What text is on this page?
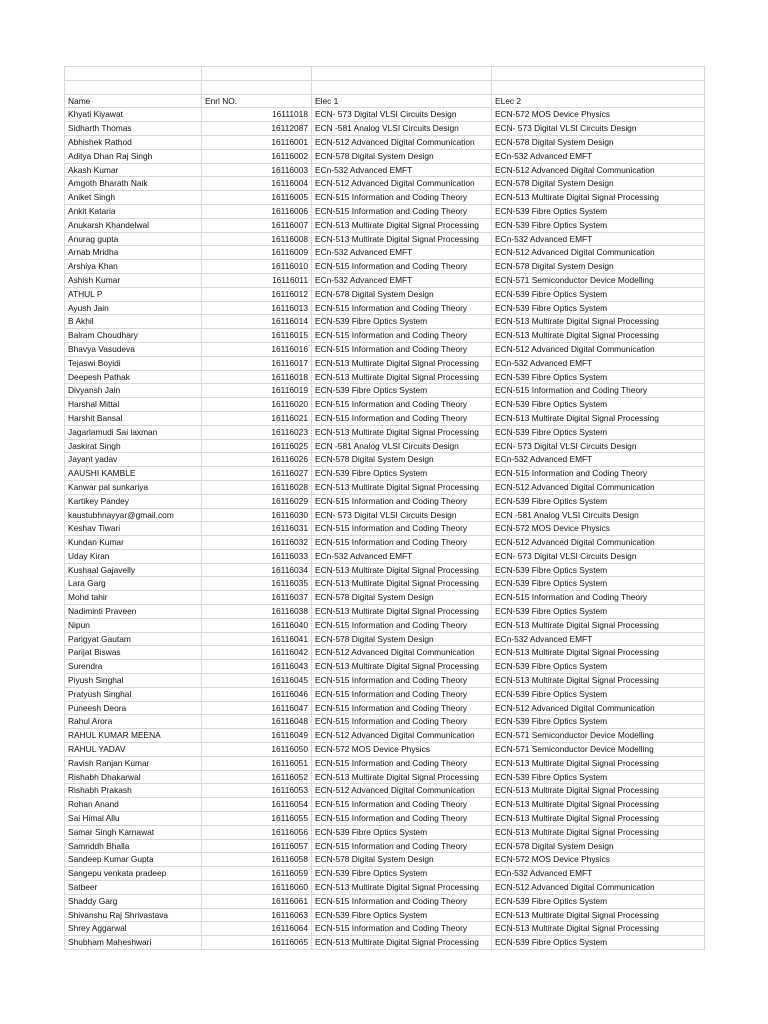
Name	Enrl NO.	Elec 1	ELec 2
Khyati Kiyawat	16111018	ECN- 573 Digital VLSI Circuits Design	ECN-572 MOS Device Physics
Sidharth Thomas	16112087	ECN -581 Analog VLSI Circuits Design	ECN- 573 Digital VLSI Circuits Design
Abhishek Rathod	16116001	ECN-512 Advanced Digital Communication	ECN-578 Digital System Design
Aditya Dhan Raj Singh	16116002	ECN-578 Digital System Design	ECn-532 Advanced EMFT
Akash Kumar	16116003	ECn-532 Advanced EMFT	ECN-512 Advanced Digital Communication
Amgoth Bharath Naik	16116004	ECN-512 Advanced Digital Communication	ECN-578 Digital System Design
Aniket Singh	16116005	ECN-515 Information and Coding Theory	ECN-513 Multirate Digital Signal Processing
Ankit Kataria	16116006	ECN-515 Information and Coding Theory	ECN-539 Fibre Optics System
Anukarsh Khandelwal	16116007	ECN-513 Multirate Digital Signal Processing	ECN-539 Fibre Optics System
Anurag gupta	16116008	ECN-513 Multirate Digital Signal Processing	ECn-532 Advanced EMFT
Arnab Mridha	16116009	ECn-532 Advanced EMFT	ECN-512 Advanced Digital Communication
Arshiya Khan	16116010	ECN-515 Information and Coding Theory	ECN-578 Digital System Design
Ashish Kumar	16116011	ECn-532 Advanced EMFT	ECN-571 Semiconductor Device Modelling
ATHUL P	16116012	ECN-578 Digital System Design	ECN-539 Fibre Optics System
Ayush Jain	16116013	ECN-515 Information and Coding Theory	ECN-539 Fibre Optics System
B Akhil	16116014	ECN-539 Fibre Optics System	ECN-513 Multirate Digital Signal Processing
Balram Choudhary	16116015	ECN-515 Information and Coding Theory	ECN-513 Multirate Digital Signal Processing
Bhavya Vasudeva	16116016	ECN-515 Information and Coding Theory	ECN-512 Advanced Digital Communication
Tejaswi Boyidi	16116017	ECN-513 Multirate Digital Signal Processing	ECn-532 Advanced EMFT
Deepesh Pathak	16116018	ECN-513 Multirate Digital Signal Processing	ECN-539 Fibre Optics System
Divyansh Jain	16116019	ECN-539 Fibre Optics System	ECN-515 Information and Coding Theory
Harshal Mittal	16116020	ECN-515 Information and Coding Theory	ECN-539 Fibre Optics System
Harshit Bansal	16116021	ECN-515 Information and Coding Theory	ECN-513 Multirate Digital Signal Processing
Jagarlamudi Sai laxman	16116023	ECN-513 Multirate Digital Signal Processing	ECN-539 Fibre Optics System
Jaskirat Singh	16116025	ECN -581 Analog VLSI Circuits Design	ECN- 573 Digital VLSI Circuits Design
Jayant yadav	16116026	ECN-578 Digital System Design	ECn-532 Advanced EMFT
AAUSHI KAMBLE	16116027	ECN-539 Fibre Optics System	ECN-515 Information and Coding Theory
Kanwar pal sunkariya	16116028	ECN-513 Multirate Digital Signal Processing	ECN-512 Advanced Digital Communication
Kartikey Pandey	16116029	ECN-515 Information and Coding Theory	ECN-539 Fibre Optics System
kaustubhnayyar@gmail.com	16116030	ECN- 573 Digital VLSI Circuits Design	ECN -581 Analog VLSI Circuits Design
Keshav Tiwari	16116031	ECN-515 Information and Coding Theory	ECN-572 MOS Device Physics
Kundan Kumar	16116032	ECN-515 Information and Coding Theory	ECN-512 Advanced Digital Communication
Uday Kiran	16116033	ECn-532 Advanced EMFT	ECN- 573 Digital VLSI Circuits Design
Kushaal Gajavelly	16116034	ECN-513 Multirate Digital Signal Processing	ECN-539 Fibre Optics System
Lara Garg	16116035	ECN-513 Multirate Digital Signal Processing	ECN-539 Fibre Optics System
Mohd tahir	16116037	ECN-578 Digital System Design	ECN-515 Information and Coding Theory
Nadiminti Praveen	16116038	ECN-513 Multirate Digital Signal Processing	ECN-539 Fibre Optics System
Nipun	16116040	ECN-515 Information and Coding Theory	ECN-513 Multirate Digital Signal Processing
Parigyat Gautam	16116041	ECN-578 Digital System Design	ECn-532 Advanced EMFT
Parijat Biswas	16116042	ECN-512 Advanced Digital Communication	ECN-513 Multirate Digital Signal Processing
Surendra	16116043	ECN-513 Multirate Digital Signal Processing	ECN-539 Fibre Optics System
Piyush Singhal	16116045	ECN-515 Information and Coding Theory	ECN-513 Multirate Digital Signal Processing
Pratyush Singhal	16116046	ECN-515 Information and Coding Theory	ECN-539 Fibre Optics System
Puneesh Deora	16116047	ECN-515 Information and Coding Theory	ECN-512 Advanced Digital Communication
Rahul Arora	16116048	ECN-515 Information and Coding Theory	ECN-539 Fibre Optics System
RAHUL KUMAR MEENA	16116049	ECN-512 Advanced Digital Communication	ECN-571 Semiconductor Device Modelling
RAHUL YADAV	16116050	ECN-572 MOS Device Physics	ECN-571 Semiconductor Device Modelling
Ravish Ranjan Kumar	16116051	ECN-515 Information and Coding Theory	ECN-513 Multirate Digital Signal Processing
Rishabh Dhakarwal	16116052	ECN-513 Multirate Digital Signal Processing	ECN-539 Fibre Optics System
Rishabh Prakash	16116053	ECN-512 Advanced Digital Communication	ECN-513 Multirate Digital Signal Processing
Rohan Anand	16116054	ECN-515 Information and Coding Theory	ECN-513 Multirate Digital Signal Processing
Sai Himal Allu	16116055	ECN-515 Information and Coding Theory	ECN-513 Multirate Digital Signal Processing
Samar Singh Karnawat	16116056	ECN-539 Fibre Optics System	ECN-513 Multirate Digital Signal Processing
Samriddh Bhalla	16116057	ECN-515 Information and Coding Theory	ECN-578 Digital System Design
Sandeep Kumar Gupta	16116058	ECN-578 Digital System Design	ECN-572 MOS Device Physics
Sangepu venkata pradeep	16116059	ECN-539 Fibre Optics System	ECn-532 Advanced EMFT
Satbeer	16116060	ECN-513 Multirate Digital Signal Processing	ECN-512 Advanced Digital Communication
Shaddy Garg	16116061	ECN-515 Information and Coding Theory	ECN-539 Fibre Optics System
Shivanshu Raj Shrivastava	16116063	ECN-539 Fibre Optics System	ECN-513 Multirate Digital Signal Processing
Shrey Aggarwal	16116064	ECN-515 Information and Coding Theory	ECN-513 Multirate Digital Signal Processing
Shubham Maheshwari	16116065	ECN-513 Multirate Digital Signal Processing	ECN-539 Fibre Optics System
